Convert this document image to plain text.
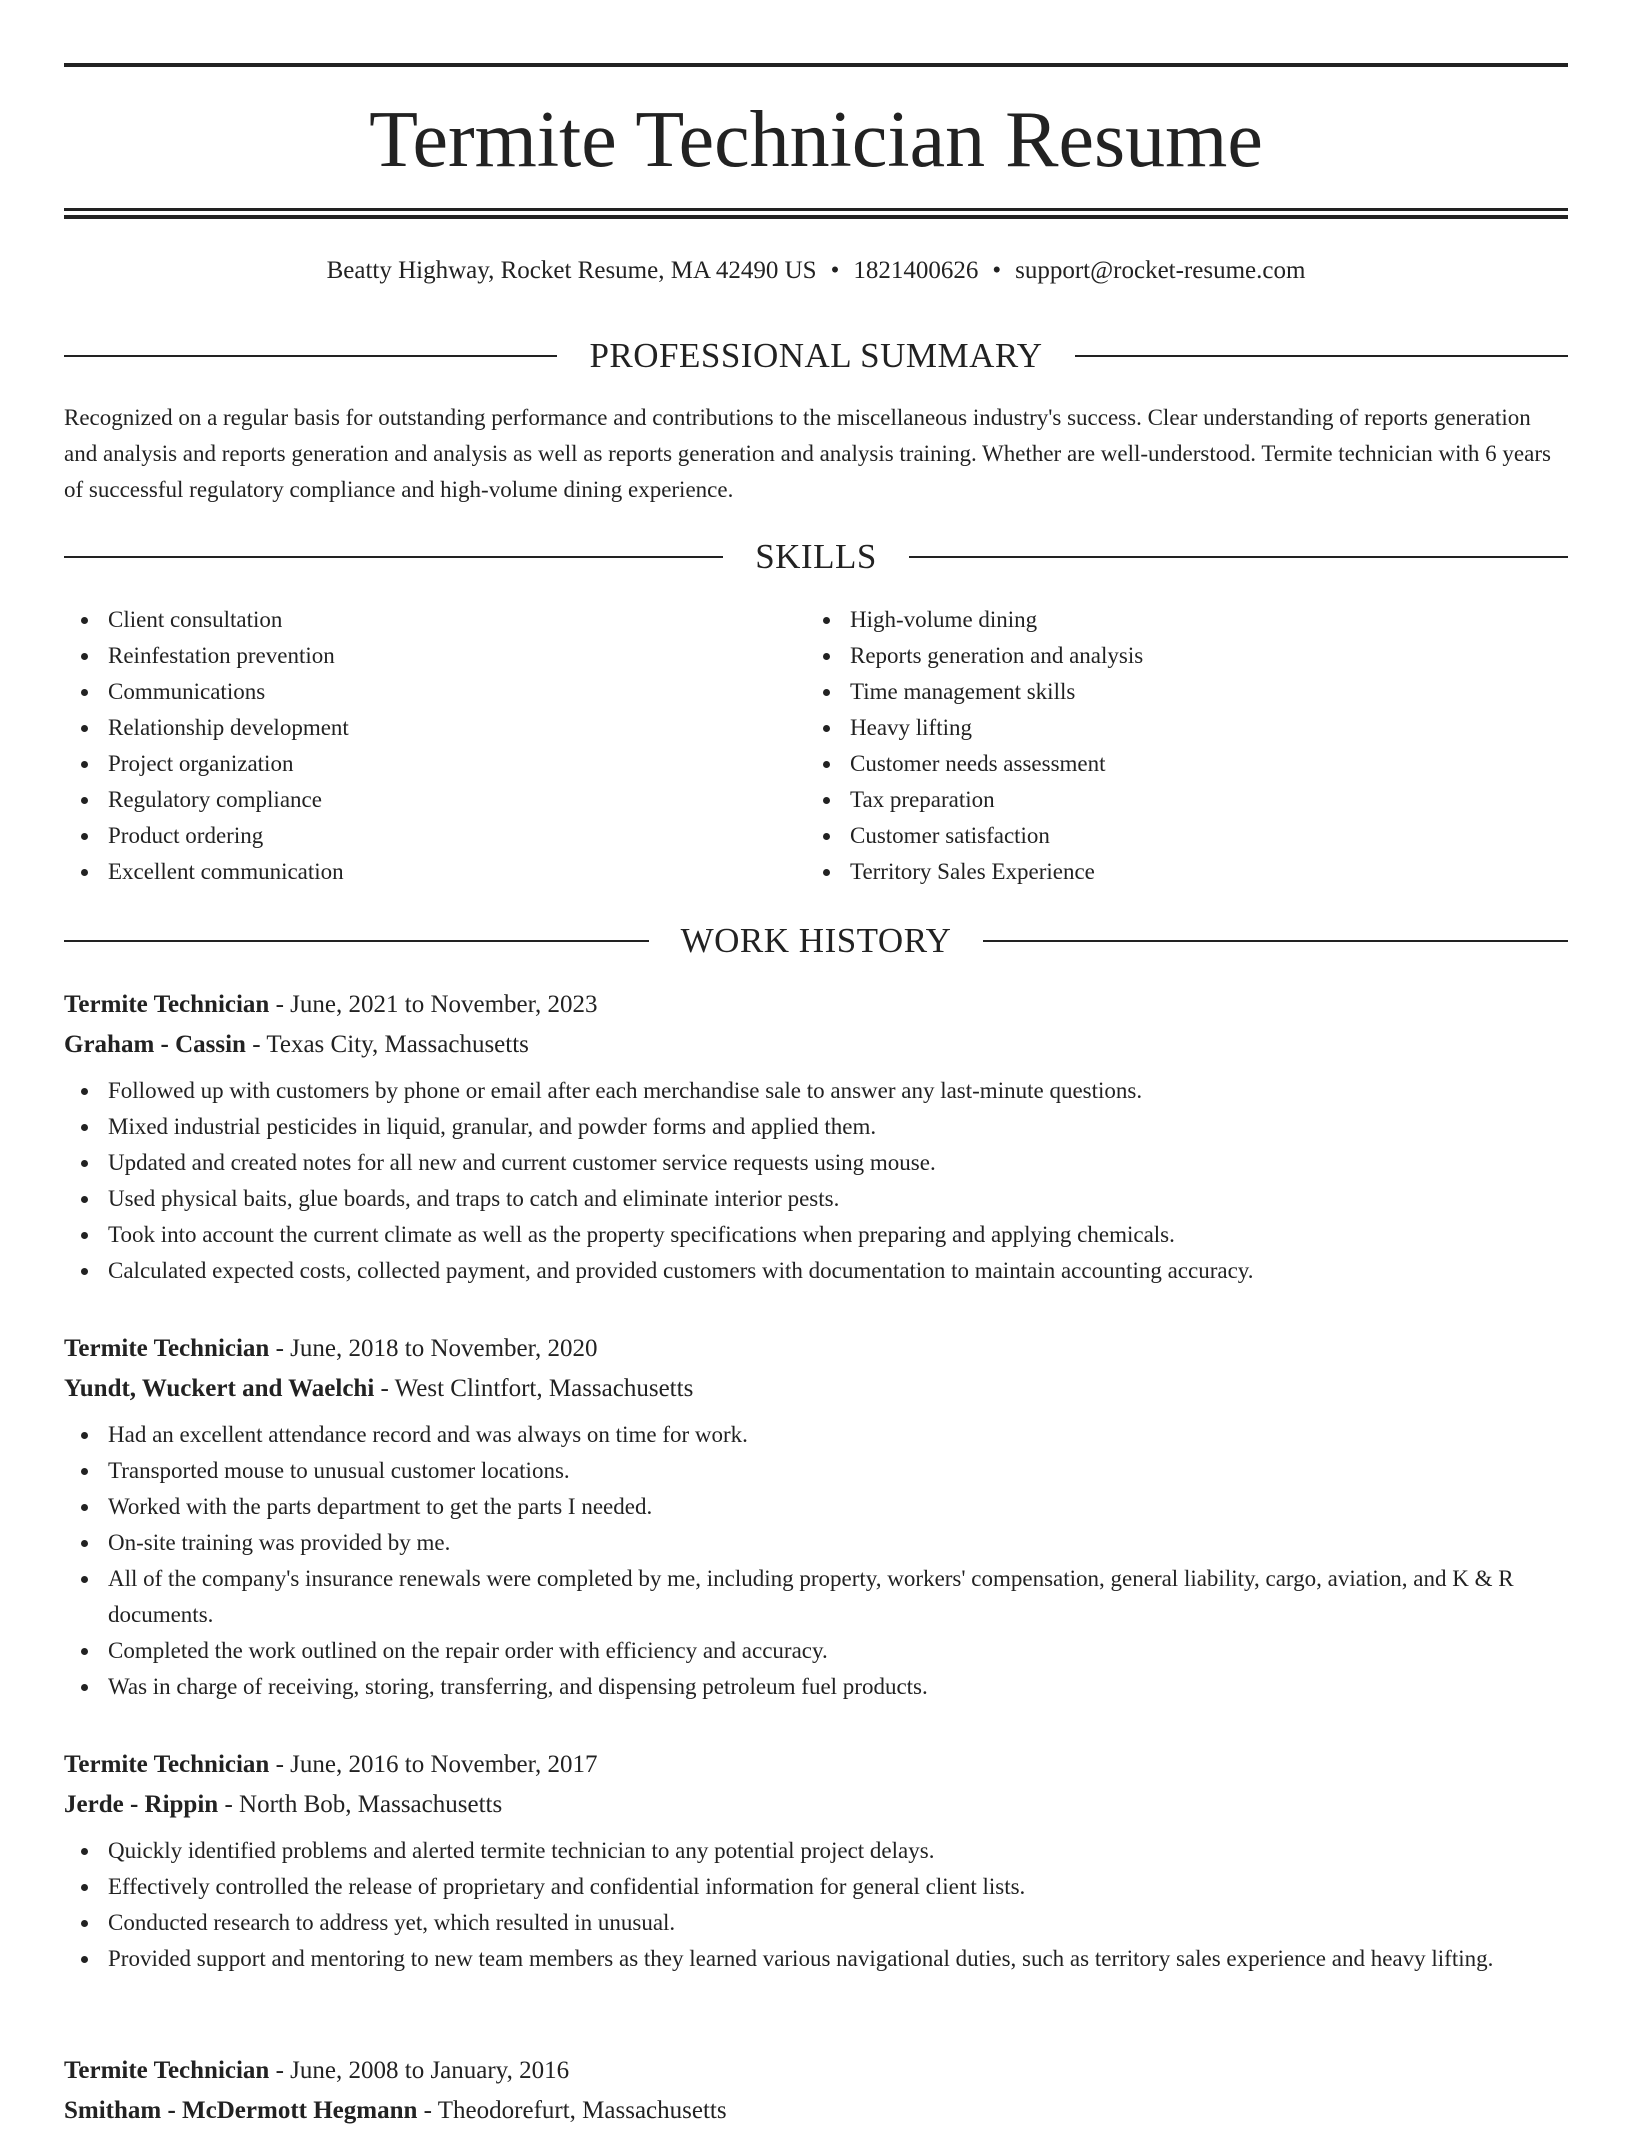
Termite Technician Resume
Beatty Highway, Rocket Resume, MA 42490 US • 1821400626 • support@rocket-resume.com
PROFESSIONAL SUMMARY

Recognized on a regular basis for outstanding performance and contributions to the miscellaneous industry's success. Clear understanding of reports generation and analysis and reports generation and analysis as well as reports generation and analysis training. Whether are well-understood. Termite technician with 6 years of successful regulatory compliance and high-volume dining experience.

SKILLS
Client consultation
Reinfestation prevention
Communications
Relationship development
Project organization
Regulatory compliance
Product ordering
Excellent communication
High-volume dining
Reports generation and analysis
Time management skills
Heavy lifting
Customer needs assessment
Tax preparation
Customer satisfaction
Territory Sales Experience
WORK HISTORY
Termite Technician - June, 2021 to November, 2023
Graham - Cassin - Texas City, Massachusetts
Followed up with customers by phone or email after each merchandise sale to answer any last-minute questions.
Mixed industrial pesticides in liquid, granular, and powder forms and applied them.
Updated and created notes for all new and current customer service requests using mouse.
Used physical baits, glue boards, and traps to catch and eliminate interior pests.
Took into account the current climate as well as the property specifications when preparing and applying chemicals.
Calculated expected costs, collected payment, and provided customers with documentation to maintain accounting accuracy.
Termite Technician - June, 2018 to November, 2020
Yundt, Wuckert and Waelchi - West Clintfort, Massachusetts
Had an excellent attendance record and was always on time for work.
Transported mouse to unusual customer locations.
Worked with the parts department to get the parts I needed.
On-site training was provided by me.
All of the company's insurance renewals were completed by me, including property, workers' compensation, general liability, cargo, aviation, and K & R documents.
Completed the work outlined on the repair order with efficiency and accuracy.
Was in charge of receiving, storing, transferring, and dispensing petroleum fuel products.
Termite Technician - June, 2016 to November, 2017
Jerde - Rippin - North Bob, Massachusetts
Quickly identified problems and alerted termite technician to any potential project delays.
Effectively controlled the release of proprietary and confidential information for general client lists.
Conducted research to address yet, which resulted in unusual.
Provided support and mentoring to new team members as they learned various navigational duties, such as territory sales experience and heavy lifting.
Termite Technician - June, 2008 to January, 2016
Smitham - McDermott Hegmann - Theodorefurt, Massachusetts
